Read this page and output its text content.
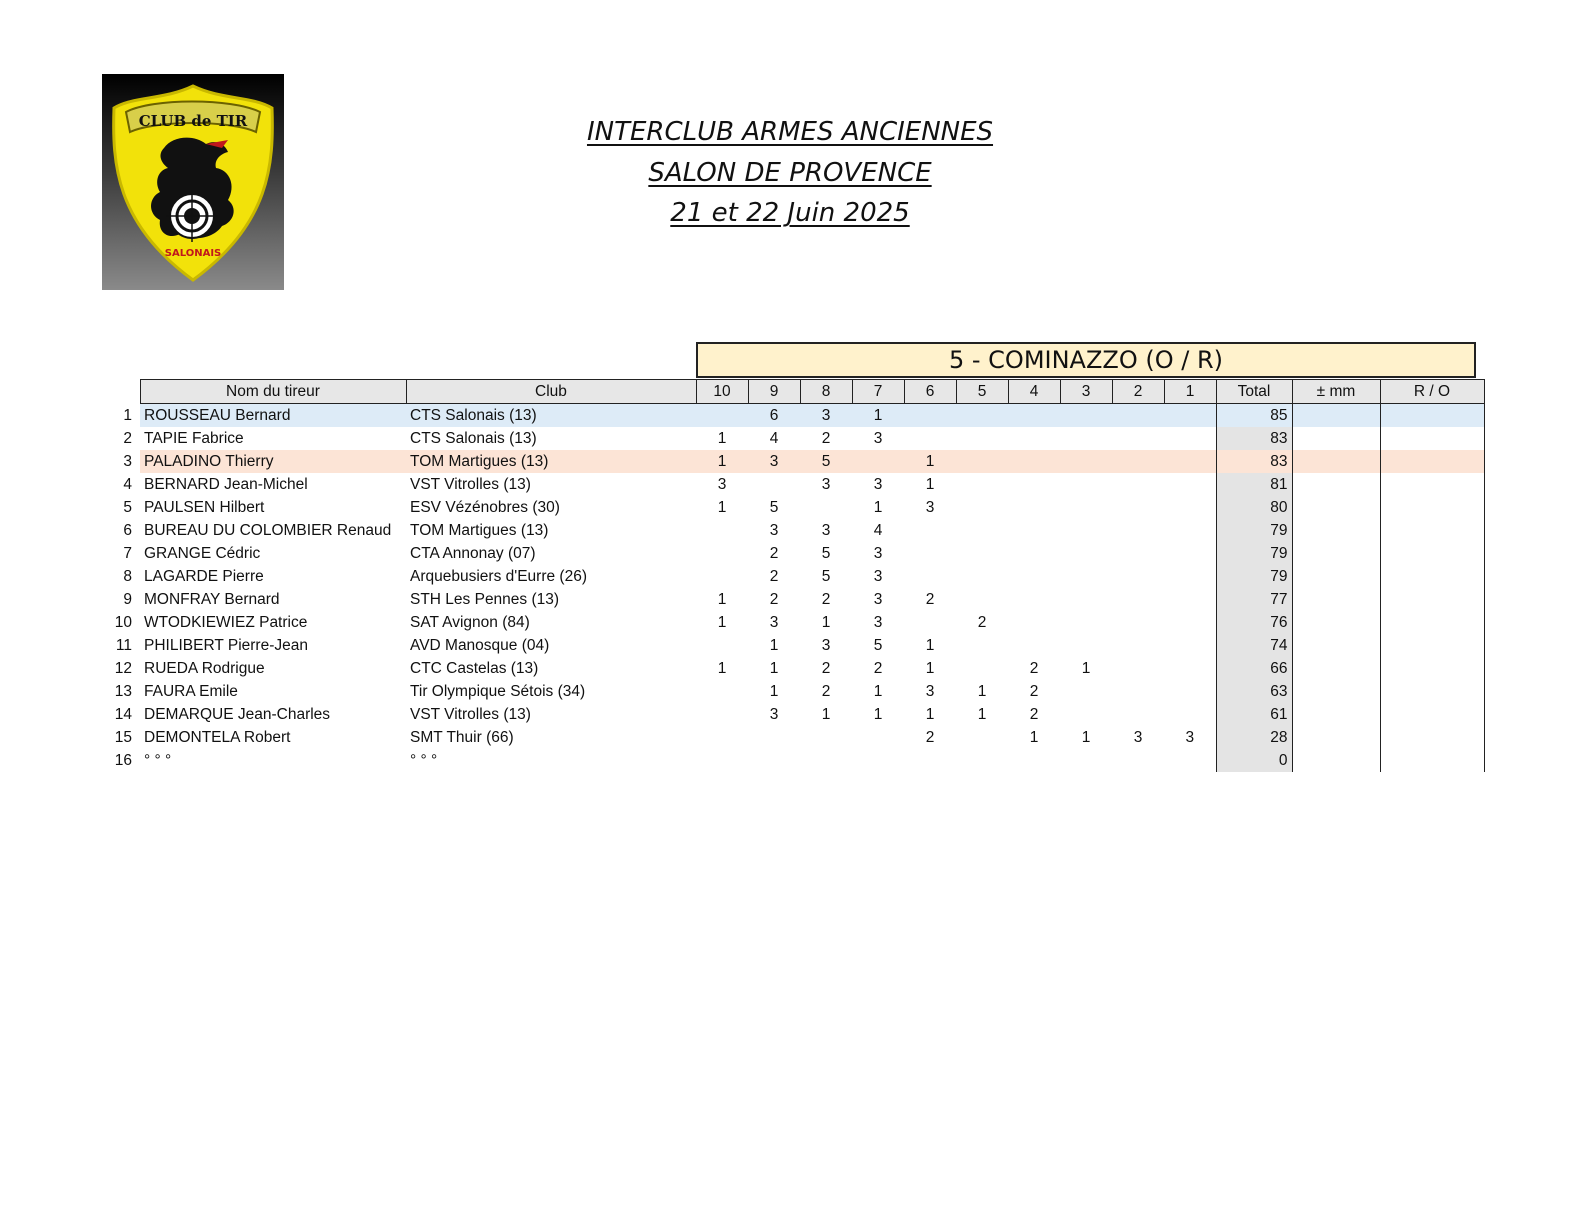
CLUB de TIR
SALONAIS
INTERCLUB ARMES ANCIENNES
SALON DE PROVENCE
21 et 22 Juin 2025
5 - COMINAZZO (O / R)
	Nom du tireur	Club	10	9	8	7	6	5	4	3	2	1	Total	± mm	R / O
1	ROUSSEAU Bernard	CTS Salonais (13)		6	3	1							85		
2	TAPIE Fabrice	CTS Salonais (13)	1	4	2	3							83		
3	PALADINO Thierry	TOM Martigues (13)	1	3	5		1						83		
4	BERNARD Jean-Michel	VST Vitrolles (13)	3		3	3	1						81		
5	PAULSEN Hilbert	ESV Vézénobres (30)	1	5		1	3						80		
6	BUREAU DU COLOMBIER Renaud	TOM Martigues (13)		3	3	4							79		
7	GRANGE Cédric	CTA Annonay (07)		2	5	3							79		
8	LAGARDE Pierre	Arquebusiers d'Eurre (26)		2	5	3							79		
9	MONFRAY Bernard	STH Les Pennes (13)	1	2	2	3	2						77		
10	WTODKIEWIEZ Patrice	SAT Avignon (84)	1	3	1	3		2					76		
11	PHILIBERT Pierre-Jean	AVD Manosque (04)		1	3	5	1						74		
12	RUEDA Rodrigue	CTC Castelas (13)	1	1	2	2	1		2	1			66		
13	FAURA Emile	Tir Olympique Sétois (34)		1	2	1	3	1	2				63		
14	DEMARQUE Jean-Charles	VST Vitrolles (13)		3	1	1	1	1	2				61		
15	DEMONTELA Robert	SMT Thuir (66)					2		1	1	3	3	28		
16	° ° °	° ° °											0		
